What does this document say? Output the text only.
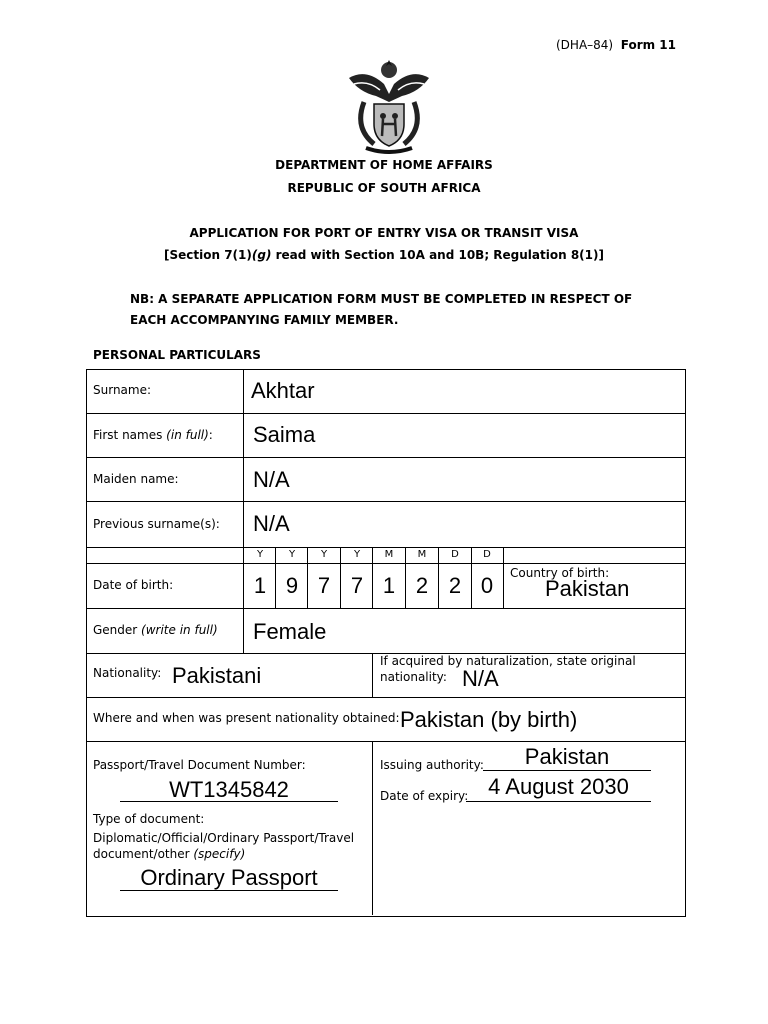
(DHA–84) Form 11
DEPARTMENT OF HOME AFFAIRS
REPUBLIC OF SOUTH AFRICA
APPLICATION FOR PORT OF ENTRY VISA OR TRANSIT VISA
[Section 7(1)(g) read with Section 10A and 10B; Regulation 8(1)]
NB: A SEPARATE APPLICATION FORM MUST BE COMPLETED IN RESPECT OF
EACH ACCOMPANYING FAMILY MEMBER.
PERSONAL PARTICULARS
Surname:	Akhtar
First names (in full): Saima
Maiden name:	N/A
Previous surname(s): N/A
Y	Y	Y	Y	M	M	D	D
Date of birth:	1 9 7 7 1 2 2 0	Country of birth:
Pakistan
Gender (write in full) Female
Nationality: Pakistani
If acquired by naturalization, state original
nationality: N/A
Where and when was present nationality obtained: Pakistan (by birth)
Passport/Travel Document Number:
WT1345842
Type of document:
Diplomatic/Official/Ordinary Passport/Travel
document/other (specify)
Ordinary Passport
Issuing authority:	Pakistan
Date of expiry: 4 August 2030
